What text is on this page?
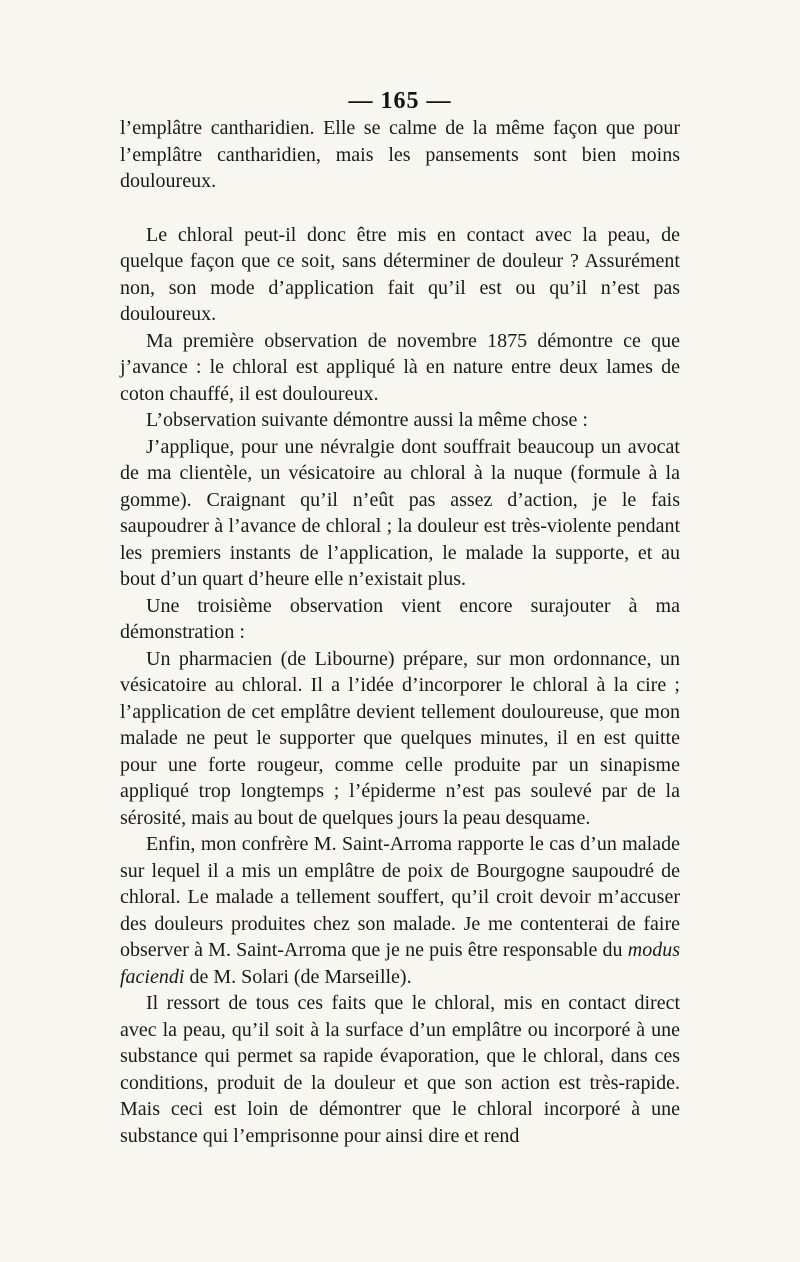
— 165 —

l’emplâtre cantharidien. Elle se calme de la même façon que pour l’emplâtre cantharidien, mais les pansements sont bien moins douloureux.

Le chloral peut-il donc être mis en contact avec la peau, de quelque façon que ce soit, sans déterminer de douleur ? Assurément non, son mode d’application fait qu’il est ou qu’il n’est pas douloureux.

Ma première observation de novembre 1875 démontre ce que j’avance : le chloral est appliqué là en nature entre deux lames de coton chauffé, il est douloureux.

L’observation suivante démontre aussi la même chose :

J’applique, pour une névralgie dont souffrait beaucoup un avocat de ma clientèle, un vésicatoire au chloral à la nuque (formule à la gomme). Craignant qu’il n’eût pas assez d’action, je le fais saupoudrer à l’avance de chloral ; la douleur est très-violente pendant les premiers instants de l’application, le malade la supporte, et au bout d’un quart d’heure elle n’existait plus.

Une troisième observation vient encore surajouter à ma démonstration :

Un pharmacien (de Libourne) prépare, sur mon ordonnance, un vésicatoire au chloral. Il a l’idée d’incorporer le chloral à la cire ; l’application de cet emplâtre devient tellement douloureuse, que mon malade ne peut le supporter que quelques minutes, il en est quitte pour une forte rougeur, comme celle produite par un sinapisme appliqué trop longtemps ; l’épiderme n’est pas soulevé par de la sérosité, mais au bout de quelques jours la peau desquame.

Enfin, mon confrère M. Saint-Arroma rapporte le cas d’un malade sur lequel il a mis un emplâtre de poix de Bourgogne saupoudré de chloral. Le malade a tellement souffert, qu’il croit devoir m’accuser des douleurs produites chez son malade. Je me contenterai de faire observer à M. Saint-Arroma que je ne puis être responsable du modus faciendi de M. Solari (de Marseille).

Il ressort de tous ces faits que le chloral, mis en contact direct avec la peau, qu’il soit à la surface d’un emplâtre ou incorporé à une substance qui permet sa rapide évaporation, que le chloral, dans ces conditions, produit de la douleur et que son action est très-rapide. Mais ceci est loin de démontrer que le chloral incorporé à une substance qui l’emprisonne pour ainsi dire et rend
